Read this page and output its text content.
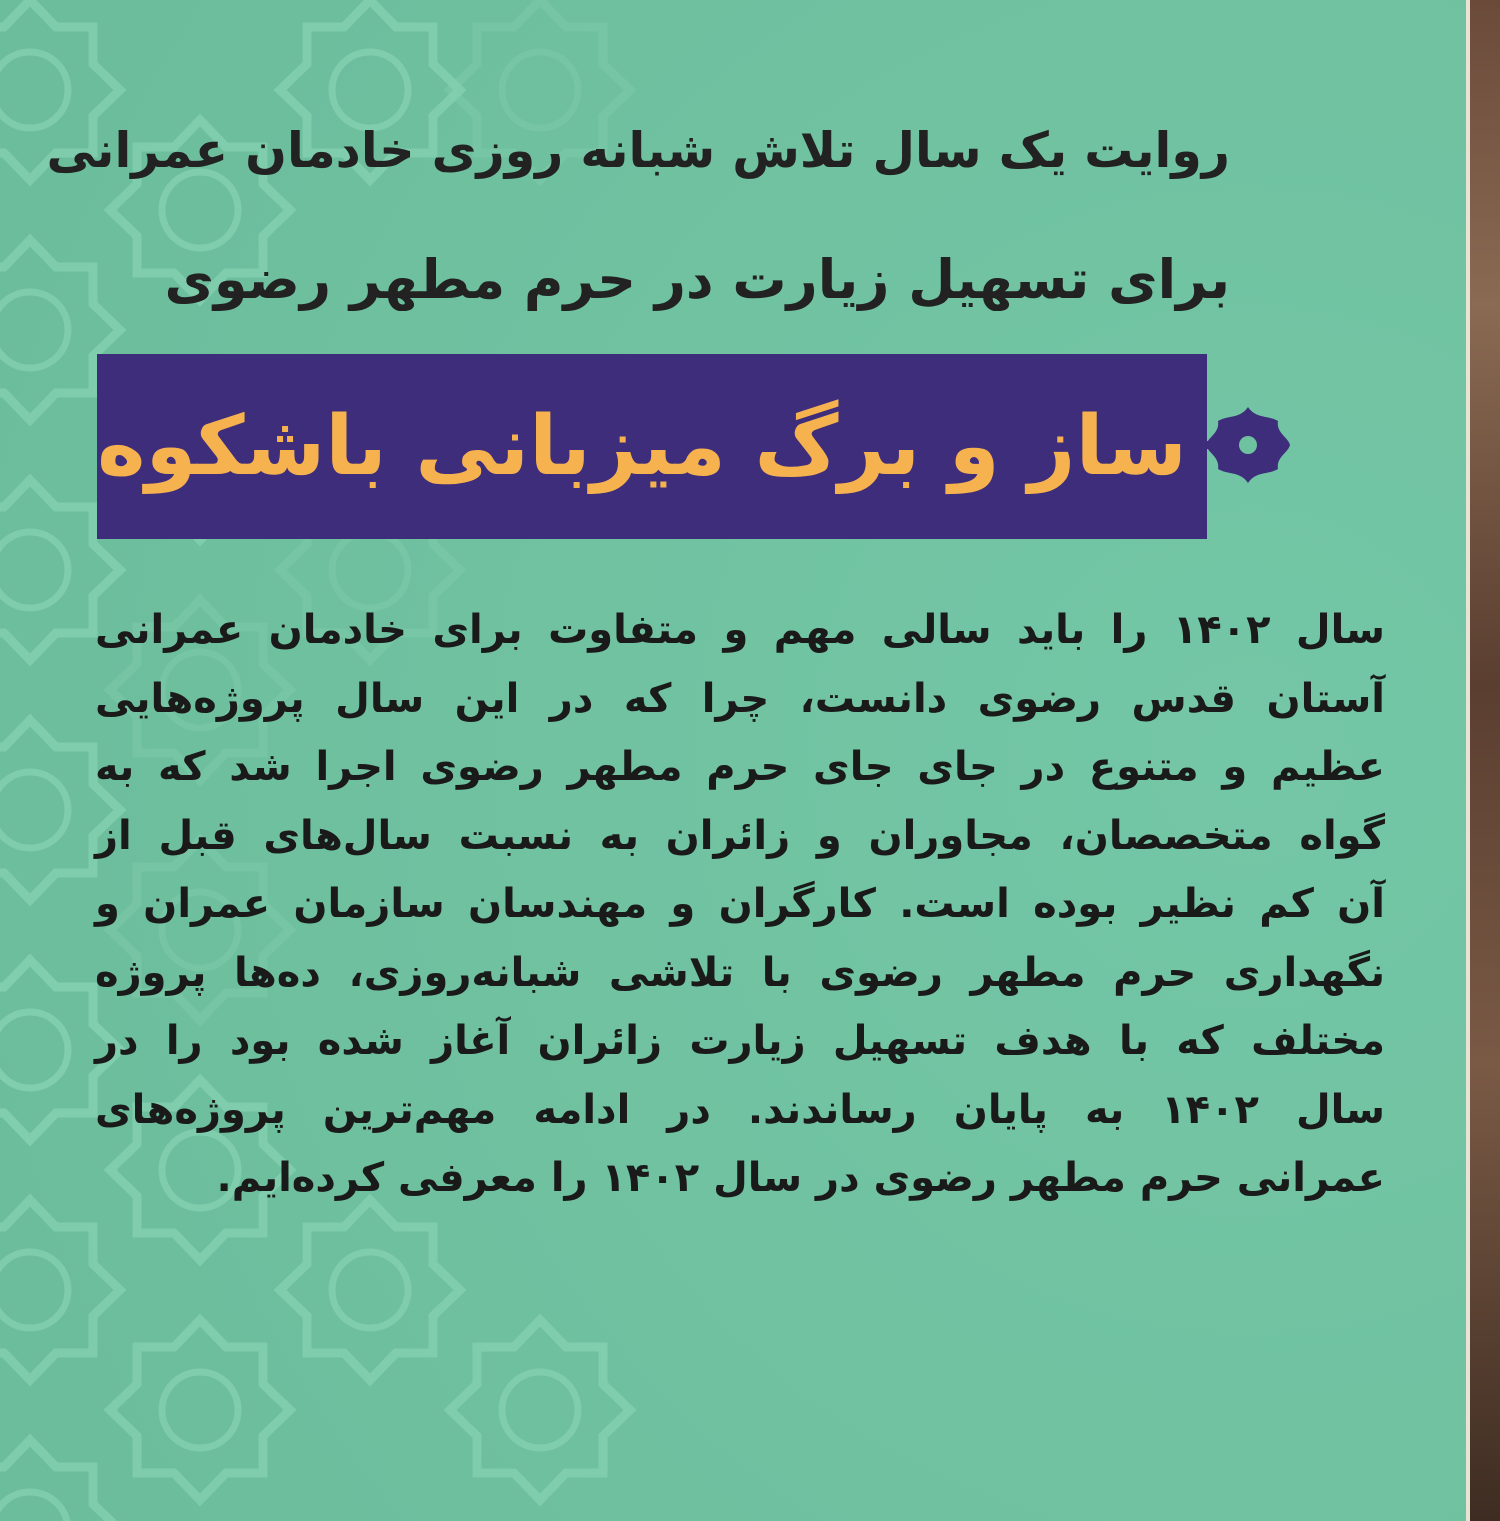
روایت یک سال تلاش شبانه روزی خادمان عمرانی
برای تسهیل زیارت در حرم مطهر رضوی
ساز و برگ میزبانی باشکوه
سال ۱۴۰۲ را باید سالی مهم و متفاوت برای خادمان عمرانی
آستان قدس رضوی دانست، چرا که در این سال پروژه‌هایی
عظیم و متنوع در جای جای حرم مطهر رضوی اجرا شد که به
گواه متخصصان، مجاوران و زائران به نسبت سال‌های قبل از
آن کم نظیر بوده است. کارگران و مهندسان سازمان عمران و
نگهداری حرم مطهر رضوی با تلاشی شبانه‌روزی، ده‌ها پروژه
مختلف که با هدف تسهیل زیارت زائران آغاز شده بود را در
سال ۱۴۰۲ به پایان رساندند. در ادامه مهم‌ترین پروژه‌های
عمرانی حرم مطهر رضوی در سال ۱۴۰۲ را معرفی کرده‌ایم.
